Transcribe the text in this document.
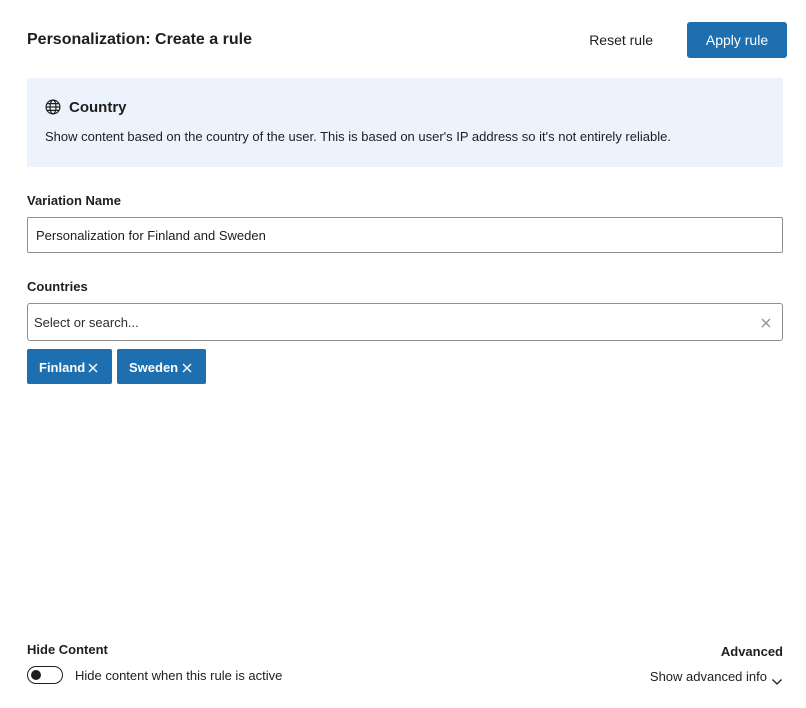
Personalization: Create a rule	Reset rule	Apply rule
Country
Show content based on the country of the user. This is based on user's IP address so it's not entirely reliable.
Variation Name
Personalization for Finland and Sweden
Countries
Select or search...
Finland	Sweden
Hide Content
Hide content when this rule is active
Advanced
Show advanced info
